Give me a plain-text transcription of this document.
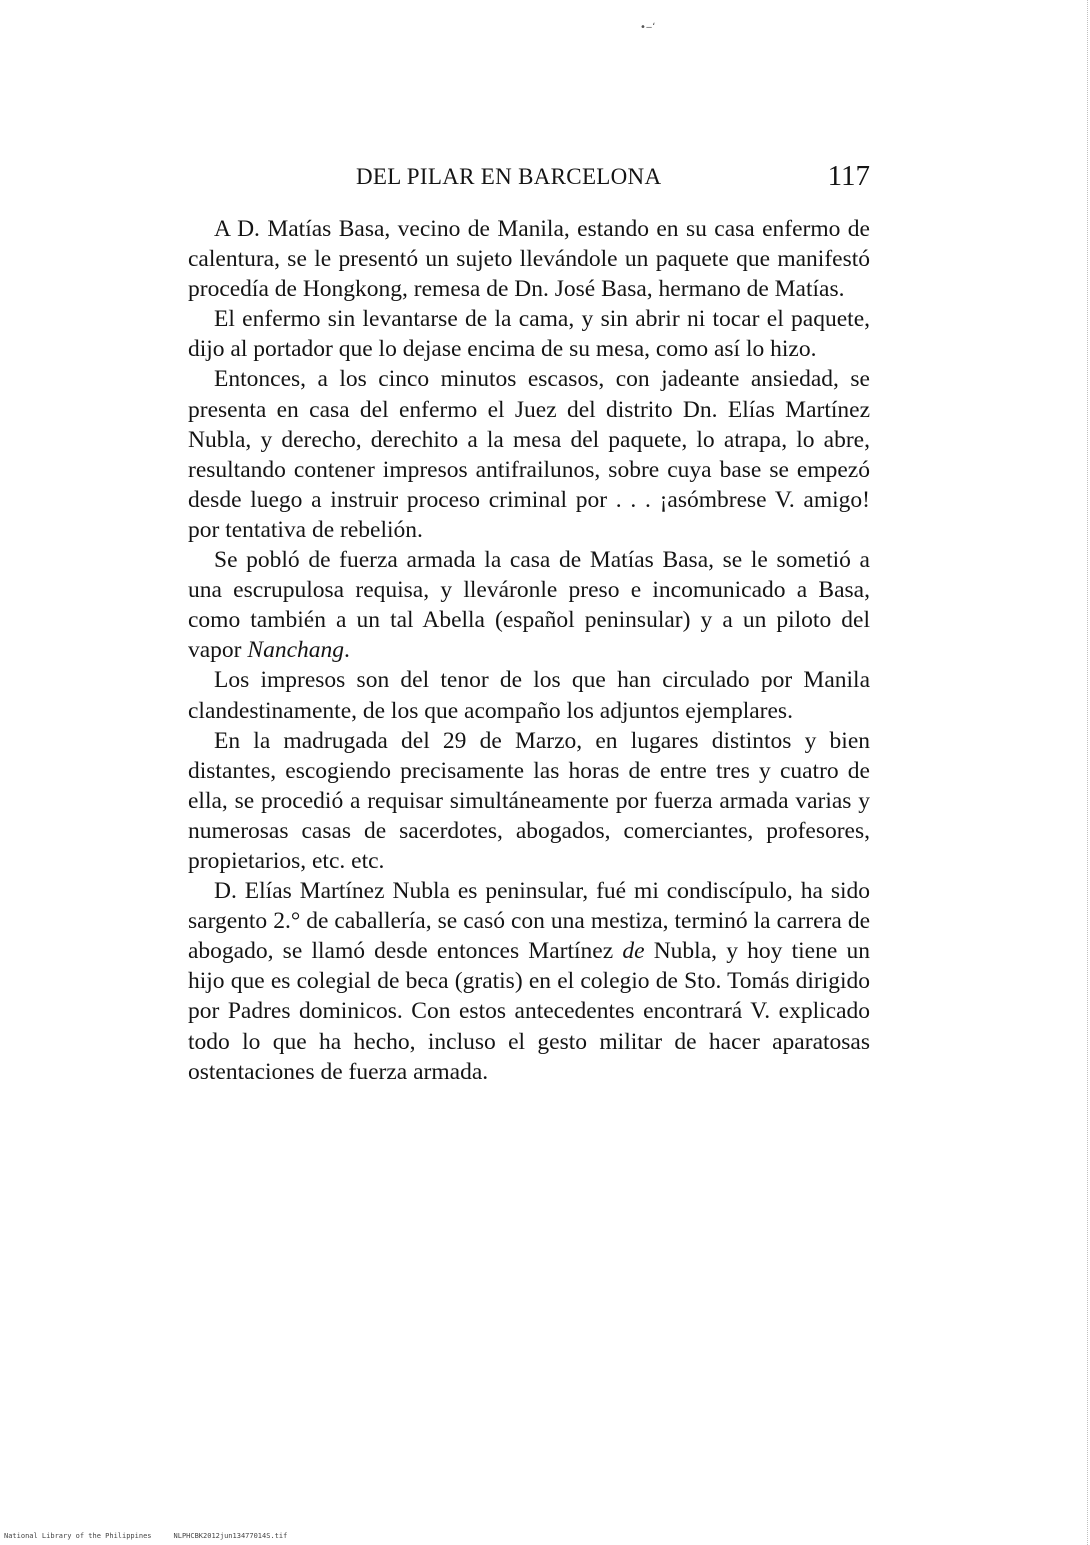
•‒ʻ
DEL PILAR EN BARCELONA	117

A D. Matías Basa, vecino de Manila, estando en su casa enfermo de calentura, se le presentó un sujeto llevándole un paquete que manifestó procedía de Hongkong, remesa de Dn. José Basa, hermano de Matías.

El enfermo sin levantarse de la cama, y sin abrir ni tocar el paquete, dijo al portador que lo dejase encima de su mesa, como así lo hizo.

Entonces, a los cinco minutos escasos, con jadeante ansiedad, se presenta en casa del enfermo el Juez del distrito Dn. Elías Martínez Nubla, y derecho, derechito a la mesa del paquete, lo atrapa, lo abre, resultando contener impresos antifrailunos, sobre cuya base se empezó desde luego a instruir proceso criminal por . . . ¡asómbrese V. amigo! por tentativa de rebelión.

Se pobló de fuerza armada la casa de Matías Basa, se le sometió a una escrupulosa requisa, y lleváronle preso e incomunicado a Basa, como también a un tal Abella (español peninsular) y a un piloto del vapor Nanchang.

Los impresos son del tenor de los que han circulado por Manila clandestinamente, de los que acompaño los adjuntos ejemplares.

En la madrugada del 29 de Marzo, en lugares distintos y bien distantes, escogiendo precisamente las horas de entre tres y cuatro de ella, se procedió a requisar simultáneamente por fuerza armada varias y numerosas casas de sacerdotes, abogados, comerciantes, profesores, propietarios, etc. etc.

D. Elías Martínez Nubla es peninsular, fué mi condiscípulo, ha sido sargento 2.° de caballería, se casó con una mestiza, terminó la carrera de abogado, se llamó desde entonces Martínez de Nubla, y hoy tiene un hijo que es colegial de beca (gratis) en el colegio de Sto. Tomás dirigido por Padres dominicos. Con estos antecedentes encontrará V. explicado todo lo que ha hecho, incluso el gesto militar de hacer aparatosas ostentaciones de fuerza armada.

National Library of the Philippines	NLPHCBK2012jun13477014S.tif
